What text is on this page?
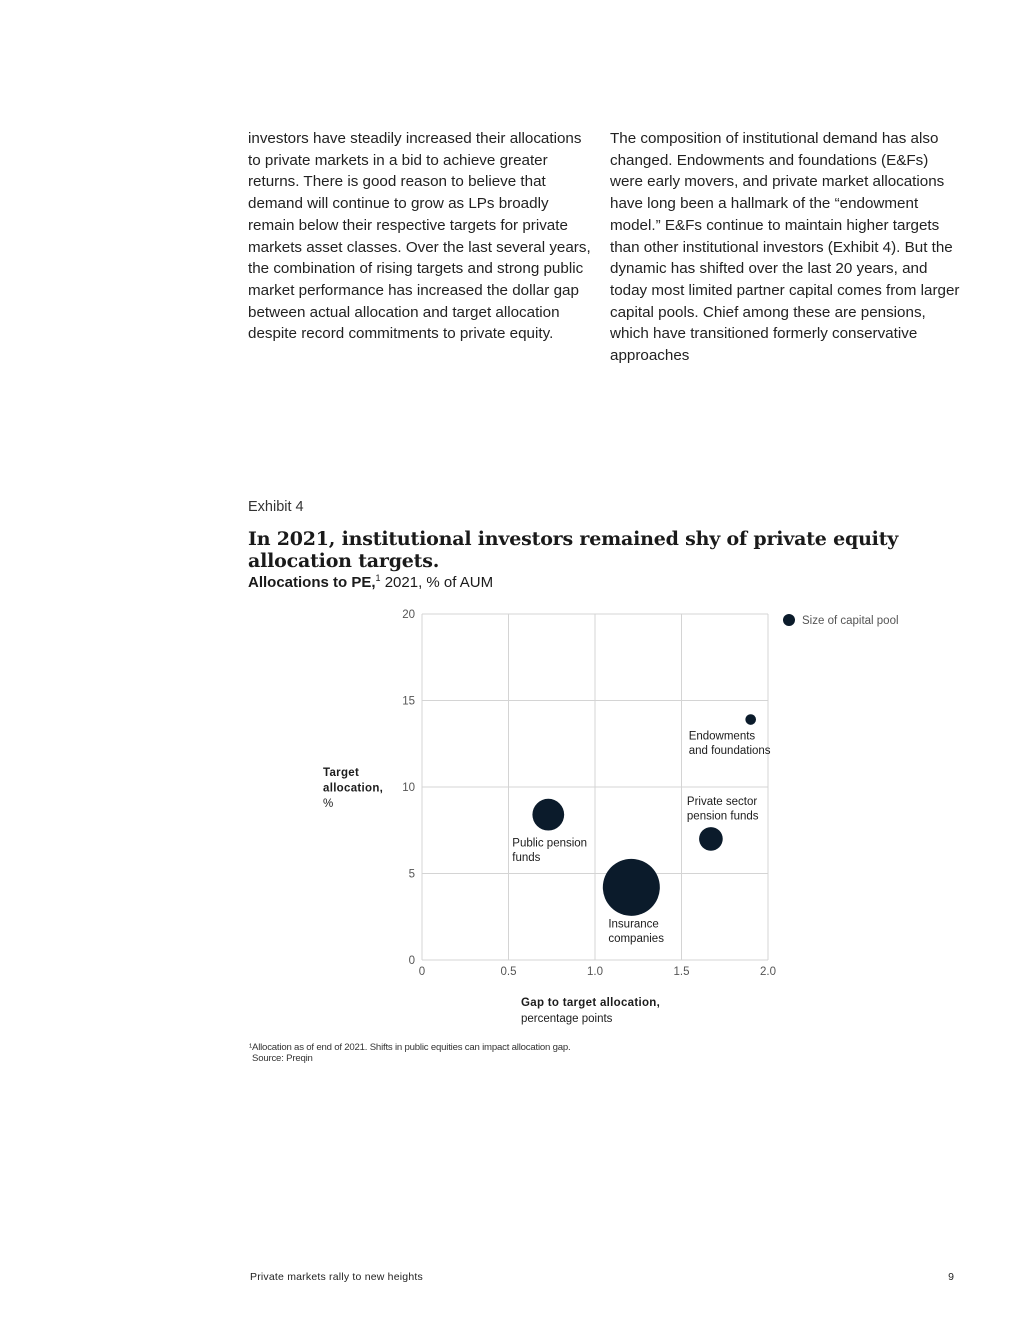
investors have steadily increased their allocations to private markets in a bid to achieve greater returns. There is good reason to believe that demand will continue to grow as LPs broadly remain below their respective targets for private markets asset classes. Over the last several years, the combination of rising targets and strong public market performance has increased the dollar gap between actual allocation and target allocation despite record commitments to private equity.

The composition of institutional demand has also changed. Endowments and foundations (E&Fs) were early movers, and private market allocations have long been a hallmark of the “endowment model.” E&Fs continue to maintain higher targets than other institutional investors (Exhibit 4). But the dynamic has shifted over the last 20 years, and today most limited partner capital comes from larger capital pools. Chief among these are pensions, which have transitioned formerly conservative approaches

Exhibit 4
In 2021, institutional investors remained shy of private equity allocation targets.
Allocations to PE,$^1$ 2021, % of AUM
0	0.5	1.0	1.5	2.0
0
5
10
15
20
Gap to target allocation,
percentage points
Target
allocation,
%
Endowments
and foundations
Private sector
pension funds
Public pension
funds
Insurance
companies
Size of capital pool
¹Allocation as of end of 2021. Shifts in public equities can impact allocation gap.
Source: Preqin
Private markets rally to new heights	9
